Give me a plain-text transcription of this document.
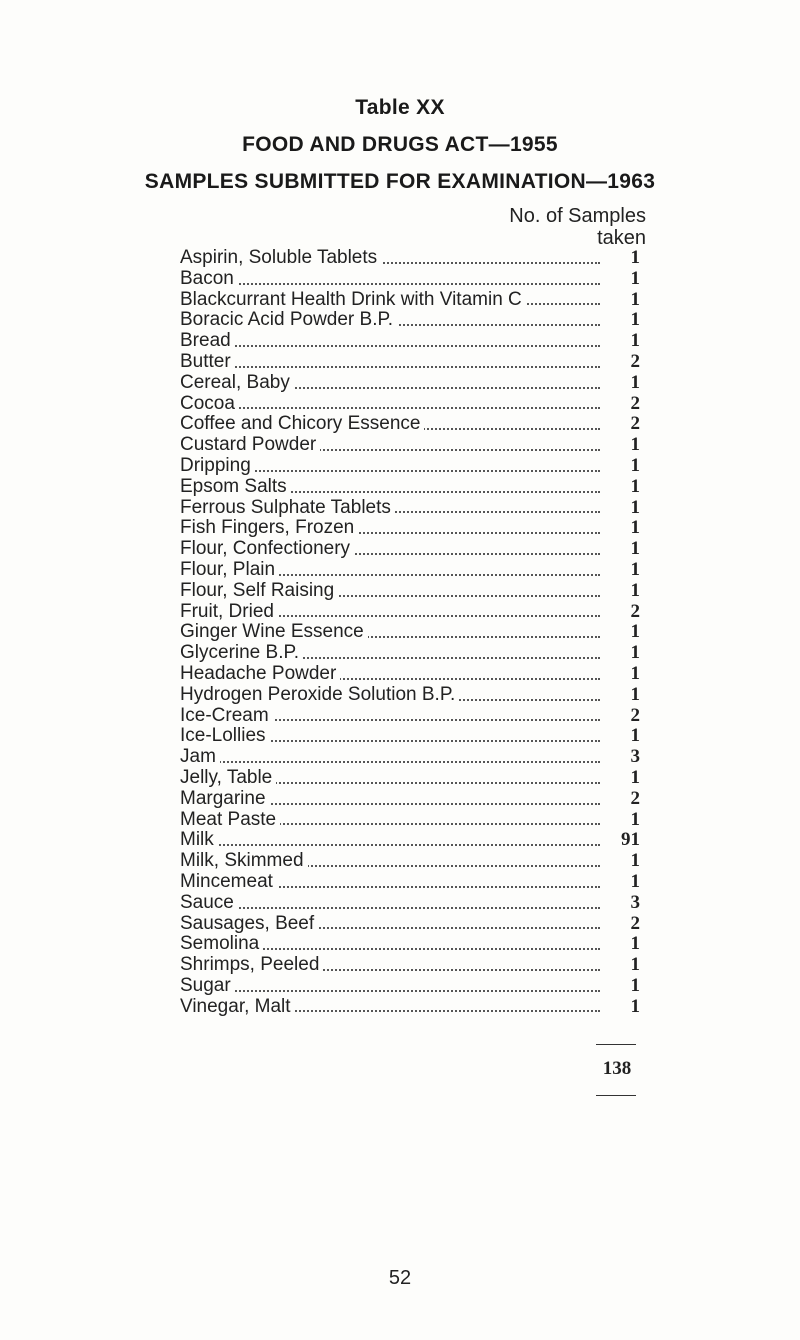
Table XX
FOOD AND DRUGS ACT—1955
SAMPLES SUBMITTED FOR EXAMINATION—1963
No. of Samples
taken
Aspirin, Soluble Tablets	1
Bacon	1
Blackcurrant Health Drink with Vitamin C	1
Boracic Acid Powder B.P.	1
Bread	1
Butter	2
Cereal, Baby	1
Cocoa	2
Coffee and Chicory Essence	2
Custard Powder	1
Dripping	1
Epsom Salts	1
Ferrous Sulphate Tablets	1
Fish Fingers, Frozen	1
Flour, Confectionery	1
Flour, Plain	1
Flour, Self Raising	1
Fruit, Dried	2
Ginger Wine Essence	1
Glycerine B.P.	1
Headache Powder	1
Hydrogen Peroxide Solution B.P.	1
Ice-Cream	2
Ice-Lollies	1
Jam	3
Jelly, Table	1
Margarine	2
Meat Paste	1
Milk	91
Milk, Skimmed	1
Mincemeat	1
Sauce	3
Sausages, Beef	2
Semolina	1
Shrimps, Peeled	1
Sugar	1
Vinegar, Malt	1
138
52
